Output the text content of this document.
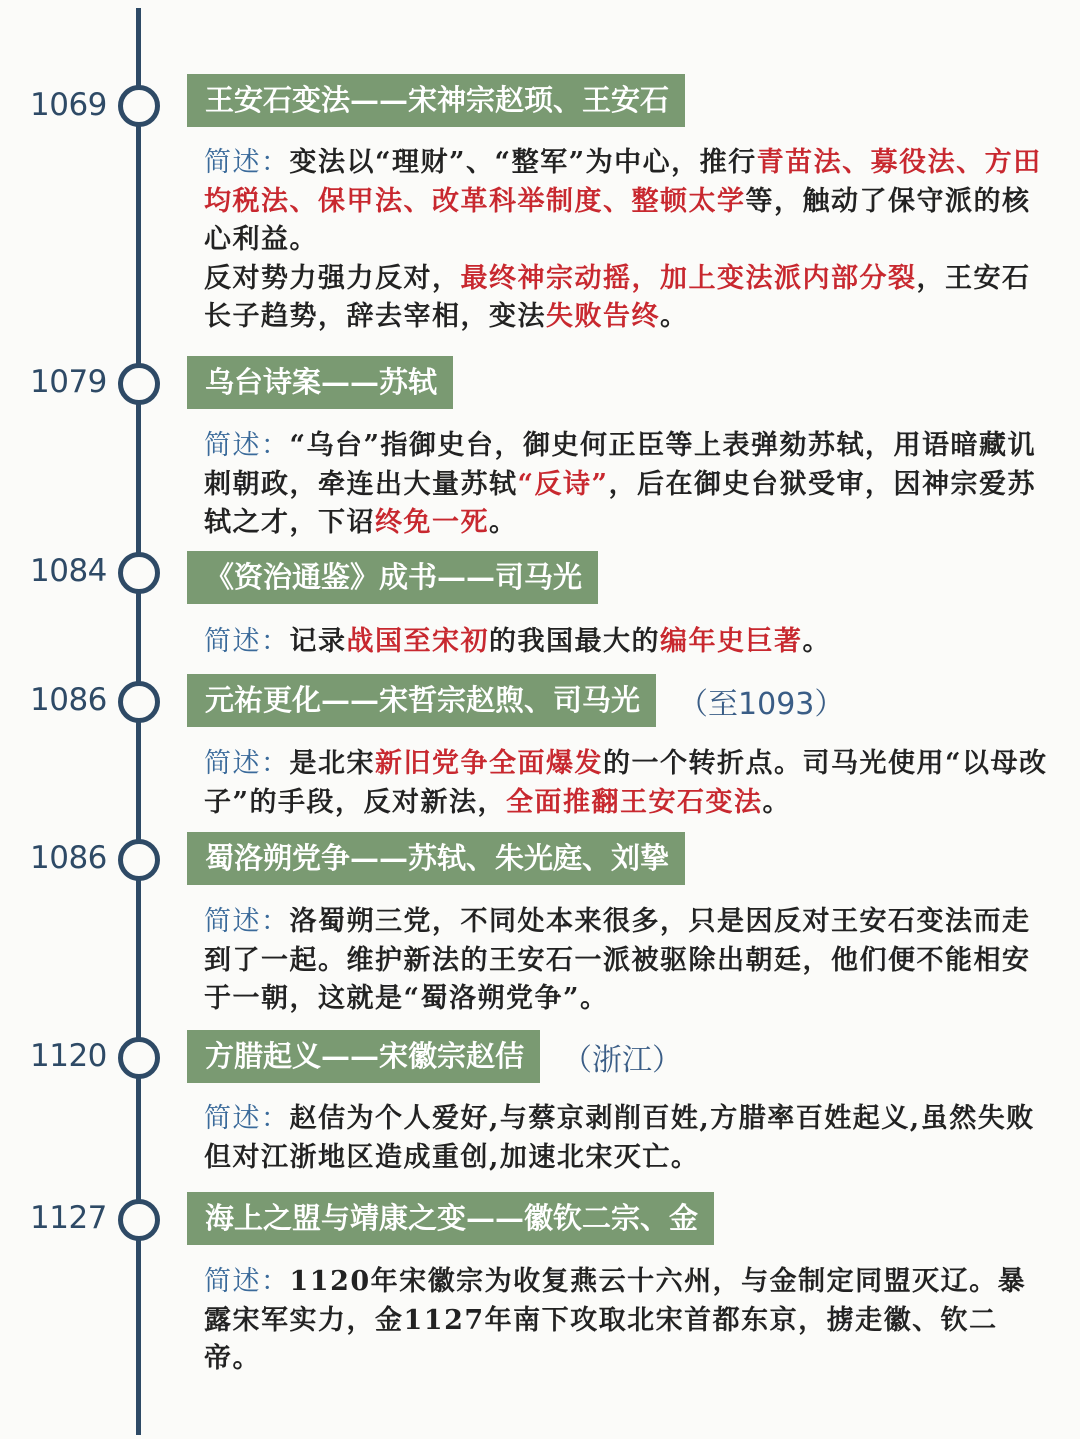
1069	王安石变法——宋神宗赵顼、王安石
简述：变法以“理财”、“整军”为中心，推行青苗法、募役法、方田均税法、保甲法、改革科举制度、整顿太学等，触动了保守派的核心利益。
反对势力强力反对，最终神宗动摇，加上变法派内部分裂，王安石长子趋势，辞去宰相，变法失败告终。
1079	乌台诗案——苏轼
简述：“乌台”指御史台，御史何正臣等上表弹劾苏轼，用语暗藏讥刺朝政，牵连出大量苏轼“反诗”，后在御史台狱受审，因神宗爱苏轼之才，下诏终免一死。
1084	《资治通鉴》成书——司马光
简述：记录战国至宋初的我国最大的编年史巨著。
1086	元祐更化——宋哲宗赵煦、司马光	（至1093）
简述：是北宋新旧党争全面爆发的一个转折点。司马光使用“以母改子”的手段，反对新法，全面推翻王安石变法。
1086	蜀洛朔党争——苏轼、朱光庭、刘挚
简述：洛蜀朔三党，不同处本来很多，只是因反对王安石变法而走到了一起。维护新法的王安石一派被驱除出朝廷，他们便不能相安于一朝，这就是“蜀洛朔党争”。
1120	方腊起义——宋徽宗赵佶	（浙江）
简述：赵佶为个人爱好,与蔡京剥削百姓,方腊率百姓起义,虽然失败但对江浙地区造成重创,加速北宋灭亡。
1127	海上之盟与靖康之变——徽钦二宗、金
简述：1120年宋徽宗为收复燕云十六州，与金制定同盟灭辽。暴露宋军实力，金1127年南下攻取北宋首都东京，掳走徽、钦二帝。
